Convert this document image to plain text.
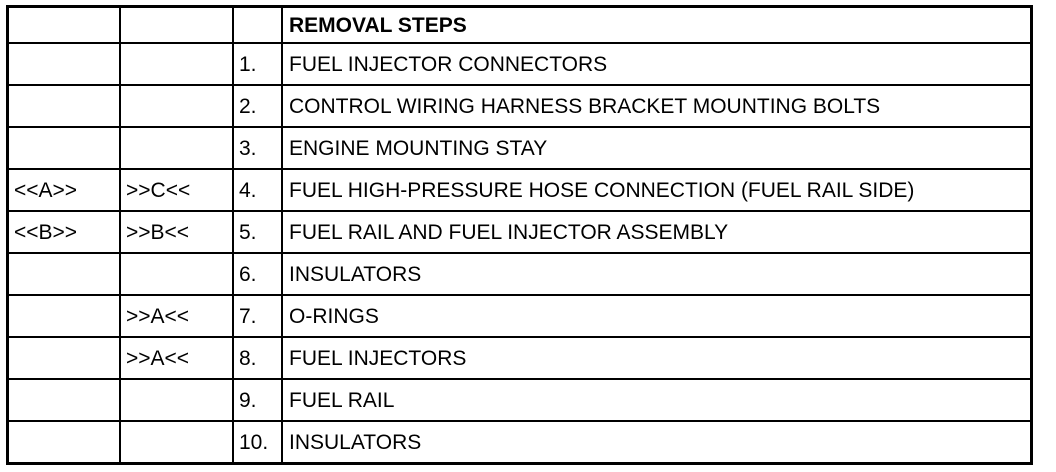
			REMOVAL STEPS
		1.	FUEL INJECTOR CONNECTORS
		2.	CONTROL WIRING HARNESS BRACKET MOUNTING BOLTS
		3.	ENGINE MOUNTING STAY
<<A>>	>>C<<	4.	FUEL HIGH-PRESSURE HOSE CONNECTION (FUEL RAIL SIDE)
<<B>>	>>B<<	5.	FUEL RAIL AND FUEL INJECTOR ASSEMBLY
		6.	INSULATORS
	>>A<<	7.	O-RINGS
	>>A<<	8.	FUEL INJECTORS
		9.	FUEL RAIL
		10.	INSULATORS
